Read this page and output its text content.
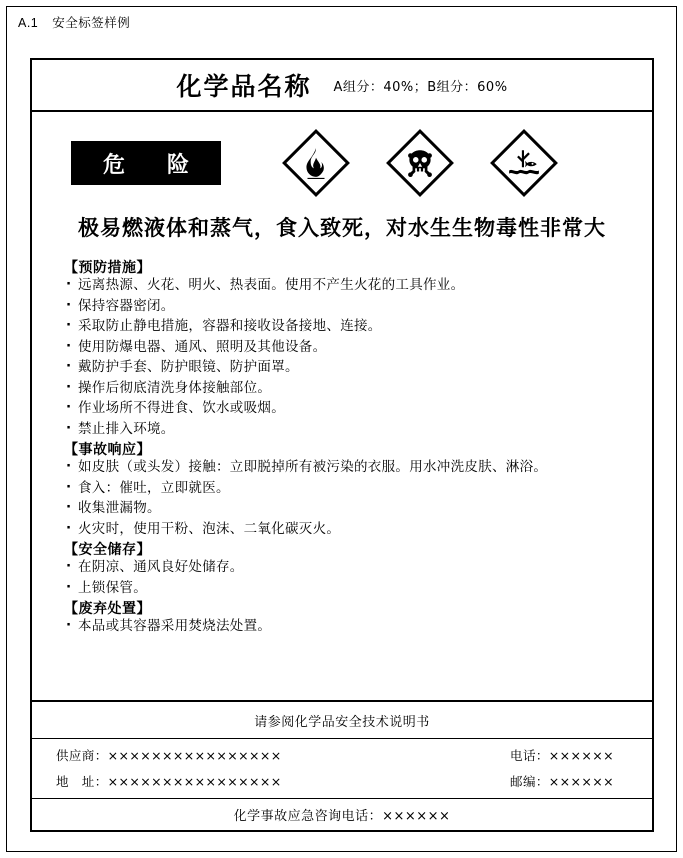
A.1 安全标签样例
化学品名称 A组分：40%；B组分：60%
危　险
极易燃液体和蒸气，食入致死，对水生生物毒性非常大
【预防措施】
· 远离热源、火花、明火、热表面。使用不产生火花的工具作业。
· 保持容器密闭。
· 采取防止静电措施，容器和接收设备接地、连接。
· 使用防爆电器、通风、照明及其他设备。
· 戴防护手套、防护眼镜、防护面罩。
· 操作后彻底清洗身体接触部位。
· 作业场所不得进食、饮水或吸烟。
· 禁止排入环境。
【事故响应】
· 如皮肤（或头发）接触：立即脱掉所有被污染的衣服。用水冲洗皮肤、淋浴。
· 食入：催吐，立即就医。
· 收集泄漏物。
· 火灾时，使用干粉、泡沫、二氧化碳灭火。
【安全储存】
· 在阴凉、通风良好处储存。
· 上锁保管。
【废弃处置】
· 本品或其容器采用焚烧法处置。
请参阅化学品安全技术说明书
供应商：××××××××××××××××	电话：××××××
地　址：××××××××××××××××	邮编：××××××
化学事故应急咨询电话：××××××
